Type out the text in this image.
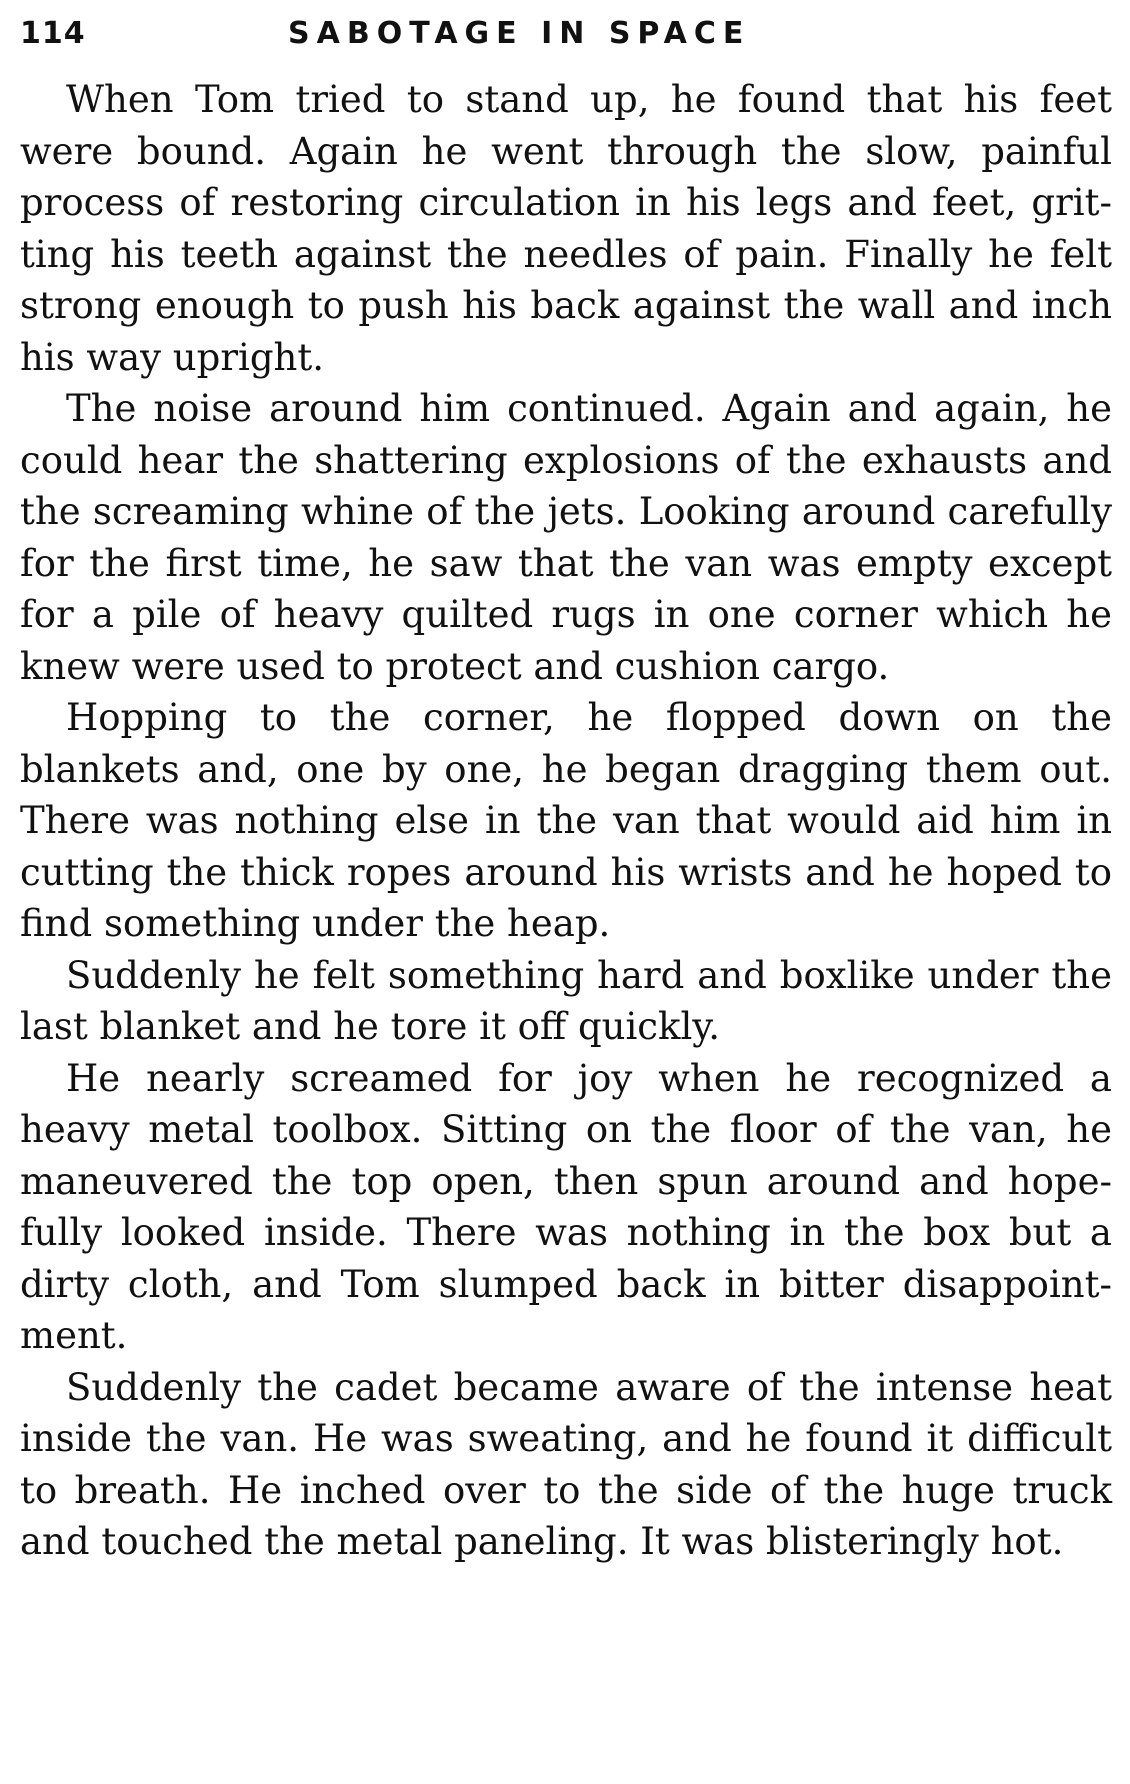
114	SABOTAGE IN SPACE

When Tom tried to stand up, he found that his feet were bound. Again he went through the slow, painful process of restoring circulation in his legs and feet, gritting his teeth against the needles of pain. Finally he felt strong enough to push his back against the wall and inch his way upright.

The noise around him continued. Again and again, he could hear the shattering explosions of the exhausts and the screaming whine of the jets. Looking around carefully for the first time, he saw that the van was empty except for a pile of heavy quilted rugs in one corner which he knew were used to protect and cushion cargo.

Hopping to the corner, he flopped down on the blankets and, one by one, he began dragging them out. There was nothing else in the van that would aid him in cutting the thick ropes around his wrists and he hoped to find something under the heap.

Suddenly he felt something hard and boxlike under the last blanket and he tore it off quickly.

He nearly screamed for joy when he recognized a heavy metal toolbox. Sitting on the floor of the van, he maneuvered the top open, then spun around and hopefully looked inside. There was nothing in the box but a dirty cloth, and Tom slumped back in bitter disappointment.

Suddenly the cadet became aware of the intense heat inside the van. He was sweating, and he found it difficult to breath. He inched over to the side of the huge truck and touched the metal paneling. It was blisteringly hot.
